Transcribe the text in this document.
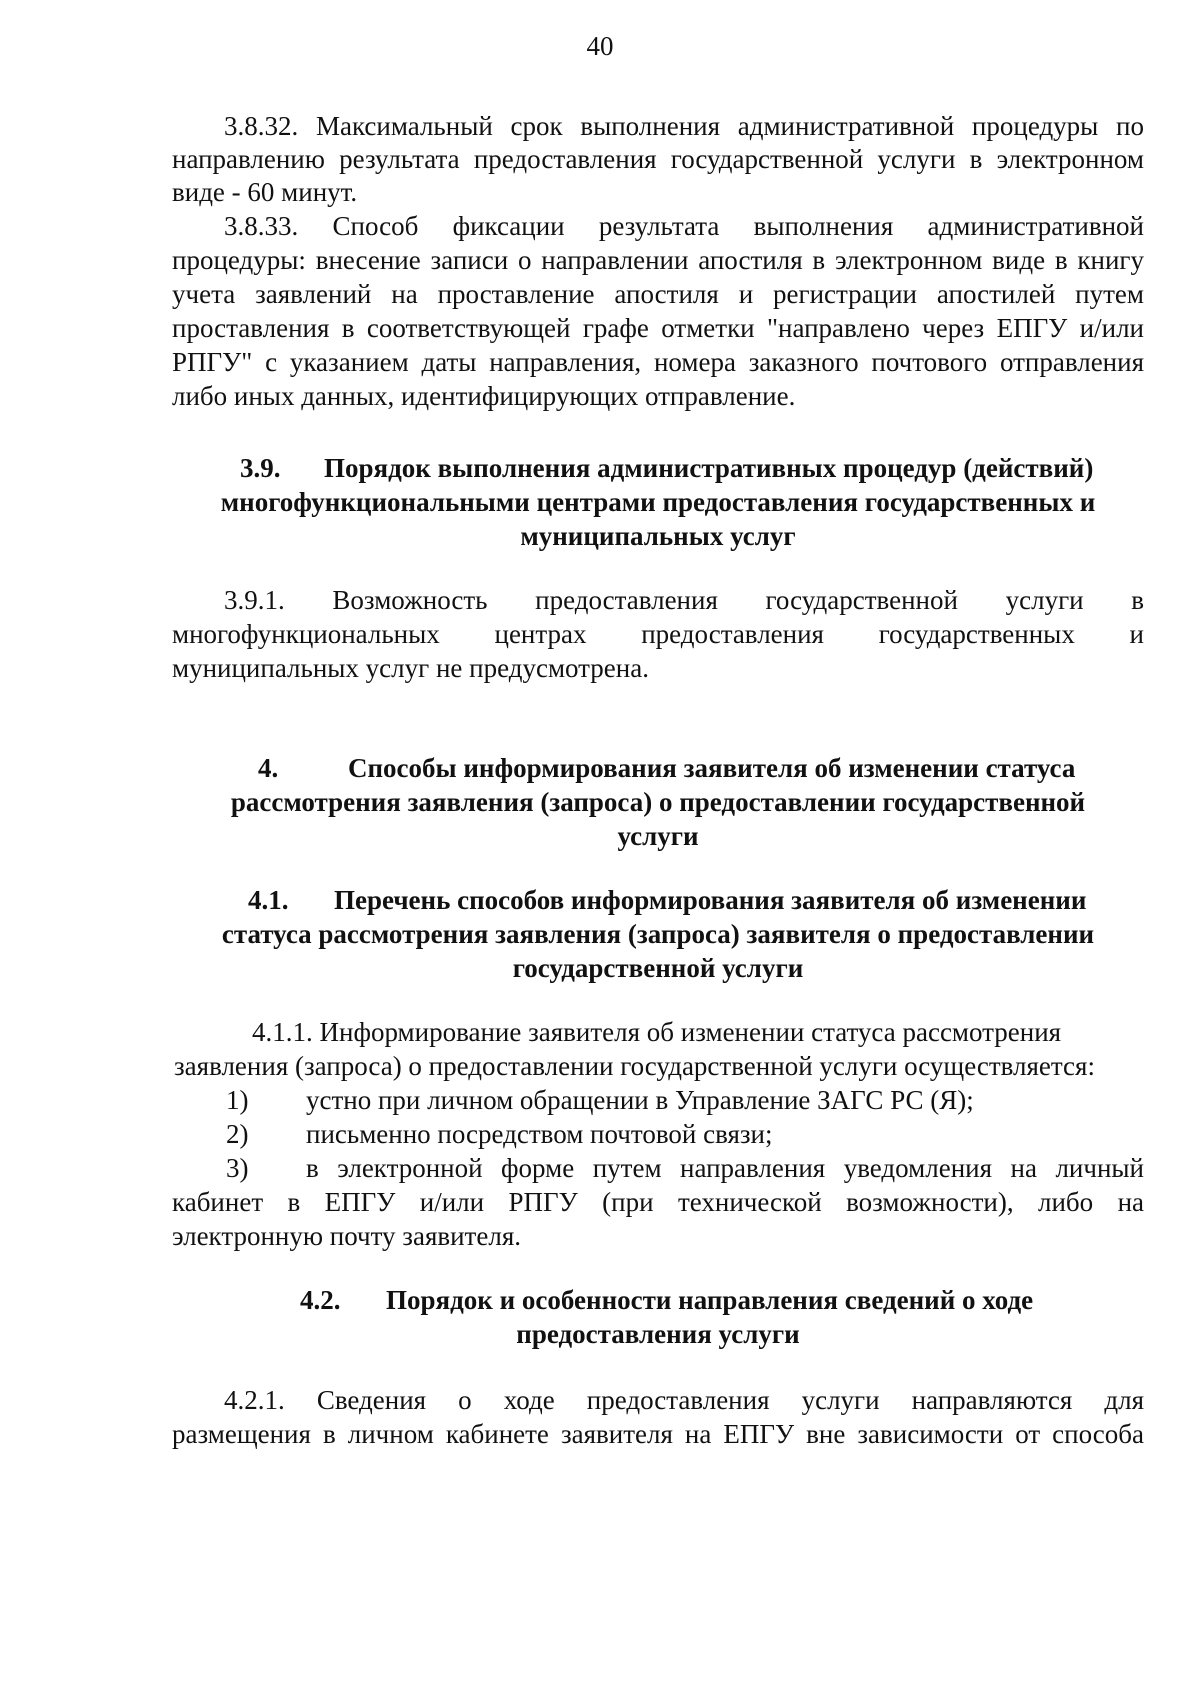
40
3.8.32. Максимальный срок выполнения административной процедуры по
направлению результата предоставления государственной услуги в электронном
виде - 60 минут.
3.8.33. Способ фиксации результата выполнения административной
процедуры: внесение записи о направлении апостиля в электронном виде в книгу
учета заявлений на проставление апостиля и регистрации апостилей путем
проставления в соответствующей графе отметки "направлено через ЕПГУ и/или
РПГУ" с указанием даты направления, номера заказного почтового отправления
либо иных данных, идентифицирующих отправление.
3.9. Порядок выполнения административных процедур (действий)
многофункциональными центрами предоставления государственных и
муниципальных услуг
3.9.1. Возможность предоставления государственной услуги в
многофункциональных центрах предоставления государственных и
муниципальных услуг не предусмотрена.
4.	Способы информирования заявителя об изменении статуса
рассмотрения заявления (запроса) о предоставлении государственной
услуги
4.1. Перечень способов информирования заявителя об изменении
статуса рассмотрения заявления (запроса) заявителя о предоставлении
государственной услуги
4.1.1. Информирование заявителя об изменении статуса рассмотрения
заявления (запроса) о предоставлении государственной услуги осуществляется:
1) устно при личном обращении в Управление ЗАГС РС (Я);
2) письменно посредством почтовой связи;
3)	в электронной форме путем направления уведомления на личный
кабинет в ЕПГУ и/или РПГУ (при технической возможности), либо на
электронную почту заявителя.
4.2. Порядок и особенности направления сведений о ходе
предоставления услуги
4.2.1. Сведения о ходе предоставления услуги направляются для
размещения в личном кабинете заявителя на ЕПГУ вне зависимости от способа
